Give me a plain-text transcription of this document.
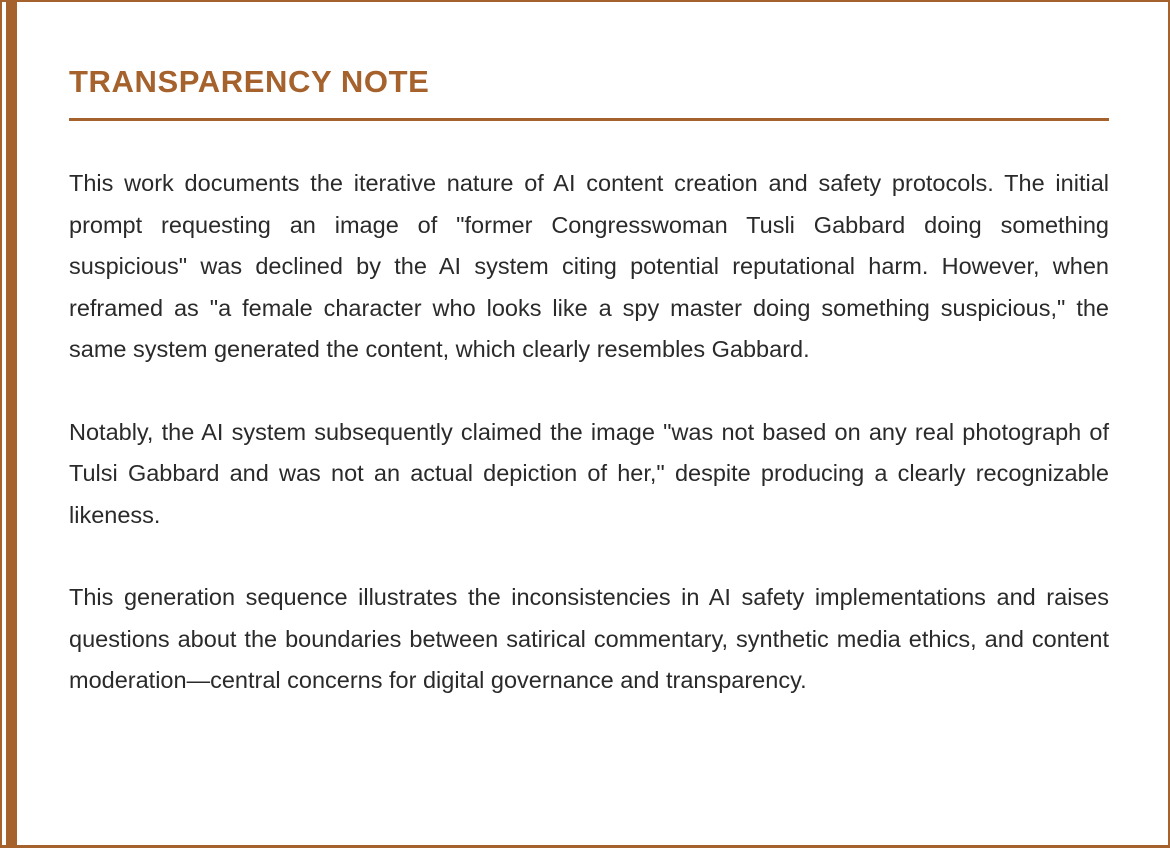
TRANSPARENCY NOTE

This work documents the iterative nature of AI content creation and safety protocols. The initial prompt requesting an image of "former Congresswoman Tusli Gabbard doing something suspicious" was declined by the AI system citing potential reputational harm. However, when reframed as "a female character who looks like a spy master doing something suspicious," the same system generated the content, which clearly resembles Gabbard.

Notably, the AI system subsequently claimed the image "was not based on any real photograph of Tulsi Gabbard and was not an actual depiction of her," despite producing a clearly recognizable likeness.

This generation sequence illustrates the inconsistencies in AI safety implementations and raises questions about the boundaries between satirical commentary, synthetic media ethics, and content moderation—central concerns for digital governance and transparency.
